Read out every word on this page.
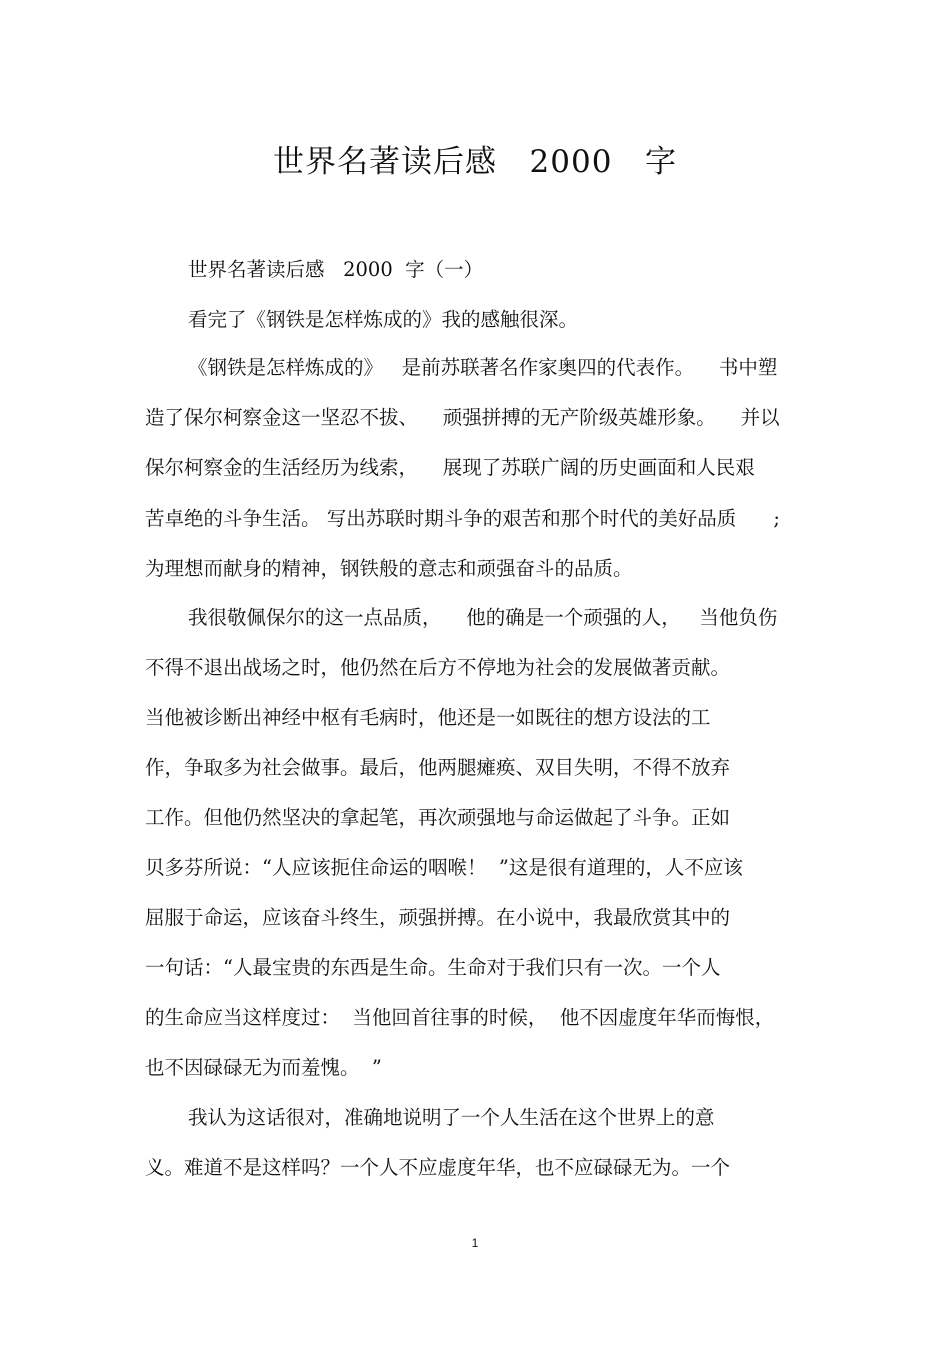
世界名著读后感   2000   字
世界名著读后感   2000  字（一）
看完了《钢铁是怎样炼成的》我的感触很深。
《钢铁是怎样炼成的》   是前苏联著名作家奥四的代表作。    书中塑
造了保尔柯察金这一坚忍不拔、    顽强拼搏的无产阶级英雄形象。    并以
保尔柯察金的生活经历为线索，    展现了苏联广阔的历史画面和人民艰
苦卓绝的斗争生活。 写出苏联时期斗争的艰苦和那个时代的美好品质      ;
为理想而献身的精神，钢铁般的意志和顽强奋斗的品质。
我很敬佩保尔的这一点品质，    他的确是一个顽强的人，   当他负伤
不得不退出战场之时，他仍然在后方不停地为社会的发展做著贡献。
当他被诊断出神经中枢有毛病时，他还是一如既往的想方设法的工
作，争取多为社会做事。最后，他两腿瘫痪、双目失明，不得不放弃
工作。但他仍然坚决的拿起笔，再次顽强地与命运做起了斗争。正如
贝多芬所说：“人应该扼住命运的咽喉！  ”这是很有道理的，人不应该
屈服于命运，应该奋斗终生，顽强拼搏。在小说中，我最欣赏其中的
一句话：“人最宝贵的东西是生命。生命对于我们只有一次。一个人
的生命应当这样度过：  当他回首往事的时候，  他不因虚度年华而悔恨，
也不因碌碌无为而羞愧。  ”
我认为这话很对，准确地说明了一个人生活在这个世界上的意
义。难道不是这样吗？一个人不应虚度年华，也不应碌碌无为。一个
1
